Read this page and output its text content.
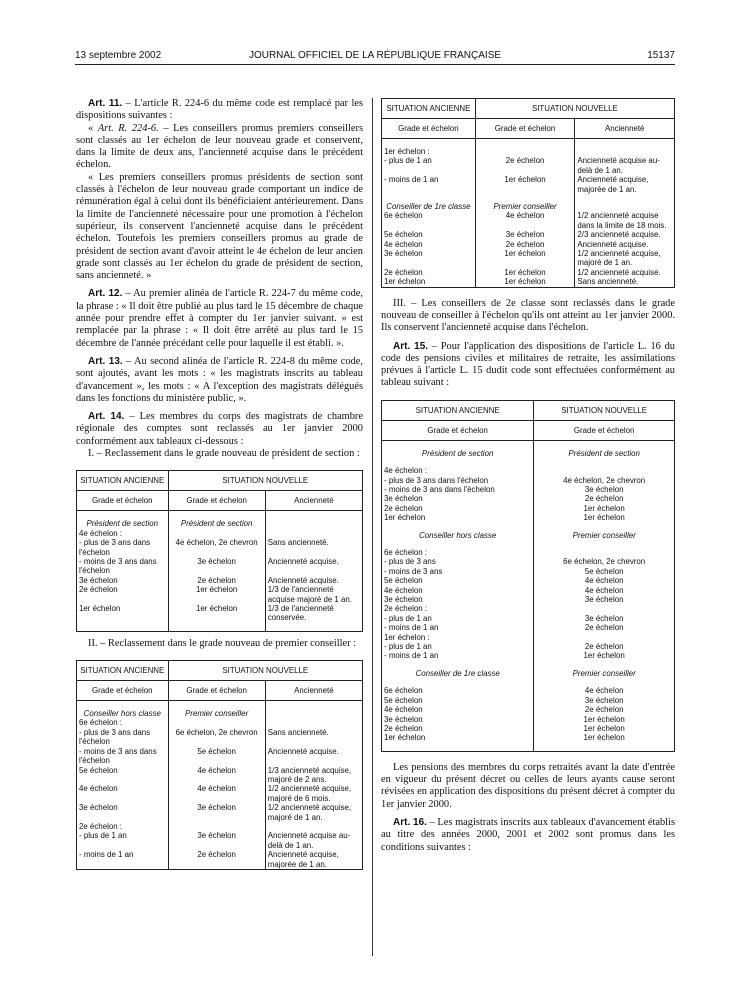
13 septembre 2002	JOURNAL OFFICIEL DE LA RÉPUBLIQUE FRANÇAISE	15137

Art. 11. – L'article R. 224-6 du même code est remplacé par les dispositions suivantes :

« Art. R. 224-6. – Les conseillers promus premiers conseillers sont classés au 1er échelon de leur nouveau grade et conservent, dans la limite de deux ans, l'ancienneté acquise dans le précédent échelon.

« Les premiers conseillers promus présidents de section sont classés à l'échelon de leur nouveau grade comportant un indice de rémunération égal à celui dont ils bénéficiaient antérieurement. Dans la limite de l'ancienneté nécessaire pour une promotion à l'échelon supérieur, ils conservent l'ancienneté acquise dans le précédent échelon. Toutefois les premiers conseillers promus au grade de président de section avant d'avoir atteint le 4e échelon de leur ancien grade sont classés au 1er échelon du grade de président de section, sans ancienneté. »

Art. 12. – Au premier alinéa de l'article R. 224-7 du même code, la phrase : « Il doit être publié au plus tard le 15 décembre de chaque année pour prendre effet à compter du 1er janvier suivant. » est remplacée par la phrase : « Il doit être arrêté au plus tard le 15 décembre de l'année précédant celle pour laquelle il est établi. ».

Art. 13. – Au second alinéa de l'article R. 224-8 du même code, sont ajoutés, avant les mots : « les magistrats inscrits au tableau d'avancement », les mots : « A l'exception des magistrats délégués dans les fonctions du ministère public, ».

Art. 14. – Les membres du corps des magistrats de chambre régionale des comptes sont reclassés au 1er janvier 2000 conformément aux tableaux ci-dessous :

I. – Reclassement dans le grade nouveau de président de section :

SITUATION ANCIENNE	SITUATION NOUVELLE	
Grade et échelon	Grade et échelon	Ancienneté

Président de section	Président de section	
4e échelon :		
- plus de 3 ans dans l'échelon	4e échelon, 2e chevron	Sans ancienneté.
- moins de 3 ans dans l'échelon	3e échelon	Ancienneté acquise.
3e échelon	2e échelon	Ancienneté acquise.
2e échelon	1er échelon	1/3 de l'ancienneté acquise majoré de 1 an.
1er échelon	1er échelon	1/3 de l'ancienneté conservée.

II. – Reclassement dans le grade nouveau de premier conseiller :

SITUATION ANCIENNE	SITUATION NOUVELLE	
Grade et échelon	Grade et échelon	Ancienneté

Conseiller hors classe	Premier conseiller	
6e échelon :		
- plus de 3 ans dans l'échelon	6e échelon, 2e chevron	Sans ancienneté.
- moins de 3 ans dans l'échelon	5e échelon	Ancienneté acquise.
5e échelon	4e échelon	1/3 ancienneté acquise, majoré de 2 ans.
4e échelon	4e échelon	1/2 ancienneté acquise, majoré de 6 mois.
3e échelon	3e échelon	1/2 ancienneté acquise, majoré de 1 an.
2e échelon :		
- plus de 1 an	3e échelon	Ancienneté acquise au-delà de 1 an.
- moins de 1 an	2e échelon	Ancienneté acquise, majorée de 1 an.
SITUATION ANCIENNE	SITUATION NOUVELLE	
Grade et échelon	Grade et échelon	Ancienneté

1er échelon :		
- plus de 1 an	2e échelon	Ancienneté acquise au-delà de 1 an.
- moins de 1 an	1er échelon	Ancienneté acquise, majorée de 1 an.

Conseiller de 1re classe	Premier conseiller	
6e échelon	4e échelon	1/2 ancienneté acquise dans la limite de 18 mois.
5e échelon	3e échelon	2/3 ancienneté acquise.
4e échelon	2e échelon	Ancienneté acquise.
3e échelon	1er échelon	1/2 ancienneté acquise, majoré de 1 an.
2e échelon	1er échelon	1/2 ancienneté acquise.
1er échelon	1er échelon	Sans ancienneté.

III. – Les conseillers de 2e classe sont reclassés dans le grade nouveau de conseiller à l'échelon qu'ils ont atteint au 1er janvier 2000. Ils conservent l'ancienneté acquise dans l'échelon.

Art. 15. – Pour l'application des dispositions de l'article L. 16 du code des pensions civiles et militaires de retraite, les assimilations prévues à l'article L. 15 dudit code sont effectuées conformément au tableau suivant :

SITUATION ANCIENNE	SITUATION NOUVELLE
Grade et échelon	Grade et échelon

Président de section	Président de section

4e échelon :	
- plus de 3 ans dans l'échelon	4e échelon, 2e chevron
- moins de 3 ans dans l'échelon	3e échelon
3e échelon	2e échelon
2e échelon	1er échelon
1er échelon	1er échelon

Conseiller hors classe	Premier conseiller

6e échelon :	
- plus de 3 ans	6e échelon, 2e chevron
- moins de 3 ans	5e échelon
5e échelon	4e échelon
4e échelon	4e échelon
3e échelon	3e échelon
2e échelon :	
- plus de 1 an	3e échelon
- moins de 1 an	2e échelon
1er échelon :	
- plus de 1 an	2e échelon
- moins de 1 an	1er échelon

Conseiller de 1re classe	Premier conseiller

6e échelon	4e échelon
5e échelon	3e échelon
4e échelon	2e échelon
3e échelon	1er échelon
2e échelon	1er échelon
1er échelon	1er échelon

Les pensions des membres du corps retraités avant la date d'entrée en vigueur du présent décret ou celles de leurs ayants cause seront révisées en application des dispositions du présent décret à compter du 1er janvier 2000.

Art. 16. – Les magistrats inscrits aux tableaux d'avancement établis au titre des années 2000, 2001 et 2002 sont promus dans les conditions suivantes :
